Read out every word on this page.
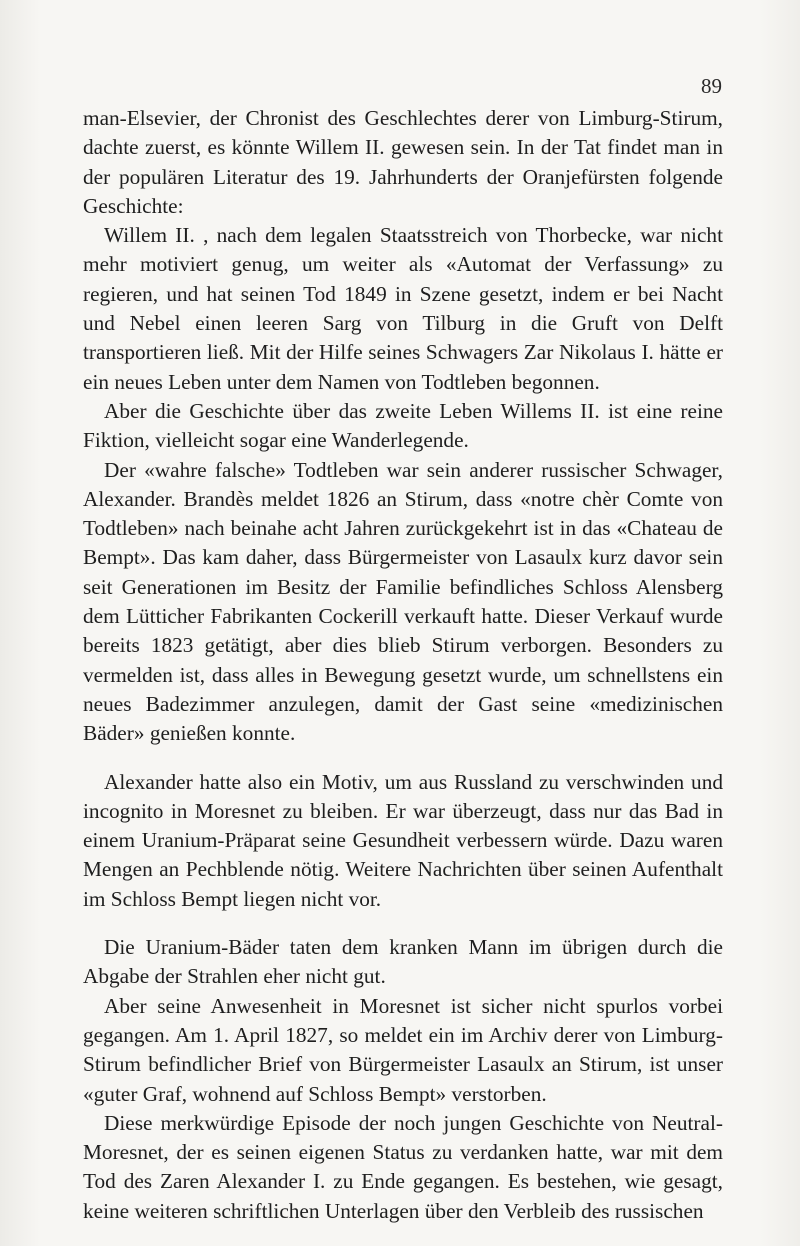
89

man-Elsevier, der Chronist des Geschlechtes derer von Limburg-Stirum, dachte zuerst, es könnte Willem II. gewesen sein. In der Tat findet man in der populären Literatur des 19. Jahrhunderts der Oranjefürsten folgende Geschichte:

Willem II. , nach dem legalen Staatsstreich von Thorbecke, war nicht mehr motiviert genug, um weiter als «Automat der Verfassung» zu regieren, und hat seinen Tod 1849 in Szene gesetzt, indem er bei Nacht und Nebel einen leeren Sarg von Tilburg in die Gruft von Delft transportieren ließ. Mit der Hilfe seines Schwagers Zar Nikolaus I. hätte er ein neues Leben unter dem Namen von Todtleben begonnen.

Aber die Geschichte über das zweite Leben Willems II. ist eine reine Fiktion, vielleicht sogar eine Wanderlegende.

Der «wahre falsche» Todtleben war sein anderer russischer Schwager, Alexander. Brandès meldet 1826 an Stirum, dass «notre chèr Comte von Todtleben» nach beinahe acht Jahren zurückgekehrt ist in das «Chateau de Bempt». Das kam daher, dass Bürgermeister von Lasaulx kurz davor sein seit Generationen im Besitz der Familie befindliches Schloss Alensberg dem Lütticher Fabrikanten Cockerill verkauft hatte. Dieser Verkauf wurde bereits 1823 getätigt, aber dies blieb Stirum verborgen. Besonders zu vermelden ist, dass alles in Bewegung gesetzt wurde, um schnellstens ein neues Badezimmer anzulegen, damit der Gast seine «medizinischen Bäder» genießen konnte.

Alexander hatte also ein Motiv, um aus Russland zu verschwinden und incognito in Moresnet zu bleiben. Er war überzeugt, dass nur das Bad in einem Uranium-Präparat seine Gesundheit verbessern würde. Dazu waren Mengen an Pechblende nötig. Weitere Nachrichten über seinen Aufenthalt im Schloss Bempt liegen nicht vor.

Die Uranium-Bäder taten dem kranken Mann im übrigen durch die Abgabe der Strahlen eher nicht gut.

Aber seine Anwesenheit in Moresnet ist sicher nicht spurlos vorbei gegangen. Am 1. April 1827, so meldet ein im Archiv derer von Limburg-Stirum befindlicher Brief von Bürgermeister Lasaulx an Stirum, ist unser «guter Graf, wohnend auf Schloss Bempt» verstorben.

Diese merkwürdige Episode der noch jungen Geschichte von Neutral-Moresnet, der es seinen eigenen Status zu verdanken hatte, war mit dem Tod des Zaren Alexander I. zu Ende gegangen. Es bestehen, wie gesagt, keine weiteren schriftlichen Unterlagen über den Verbleib des russischen
